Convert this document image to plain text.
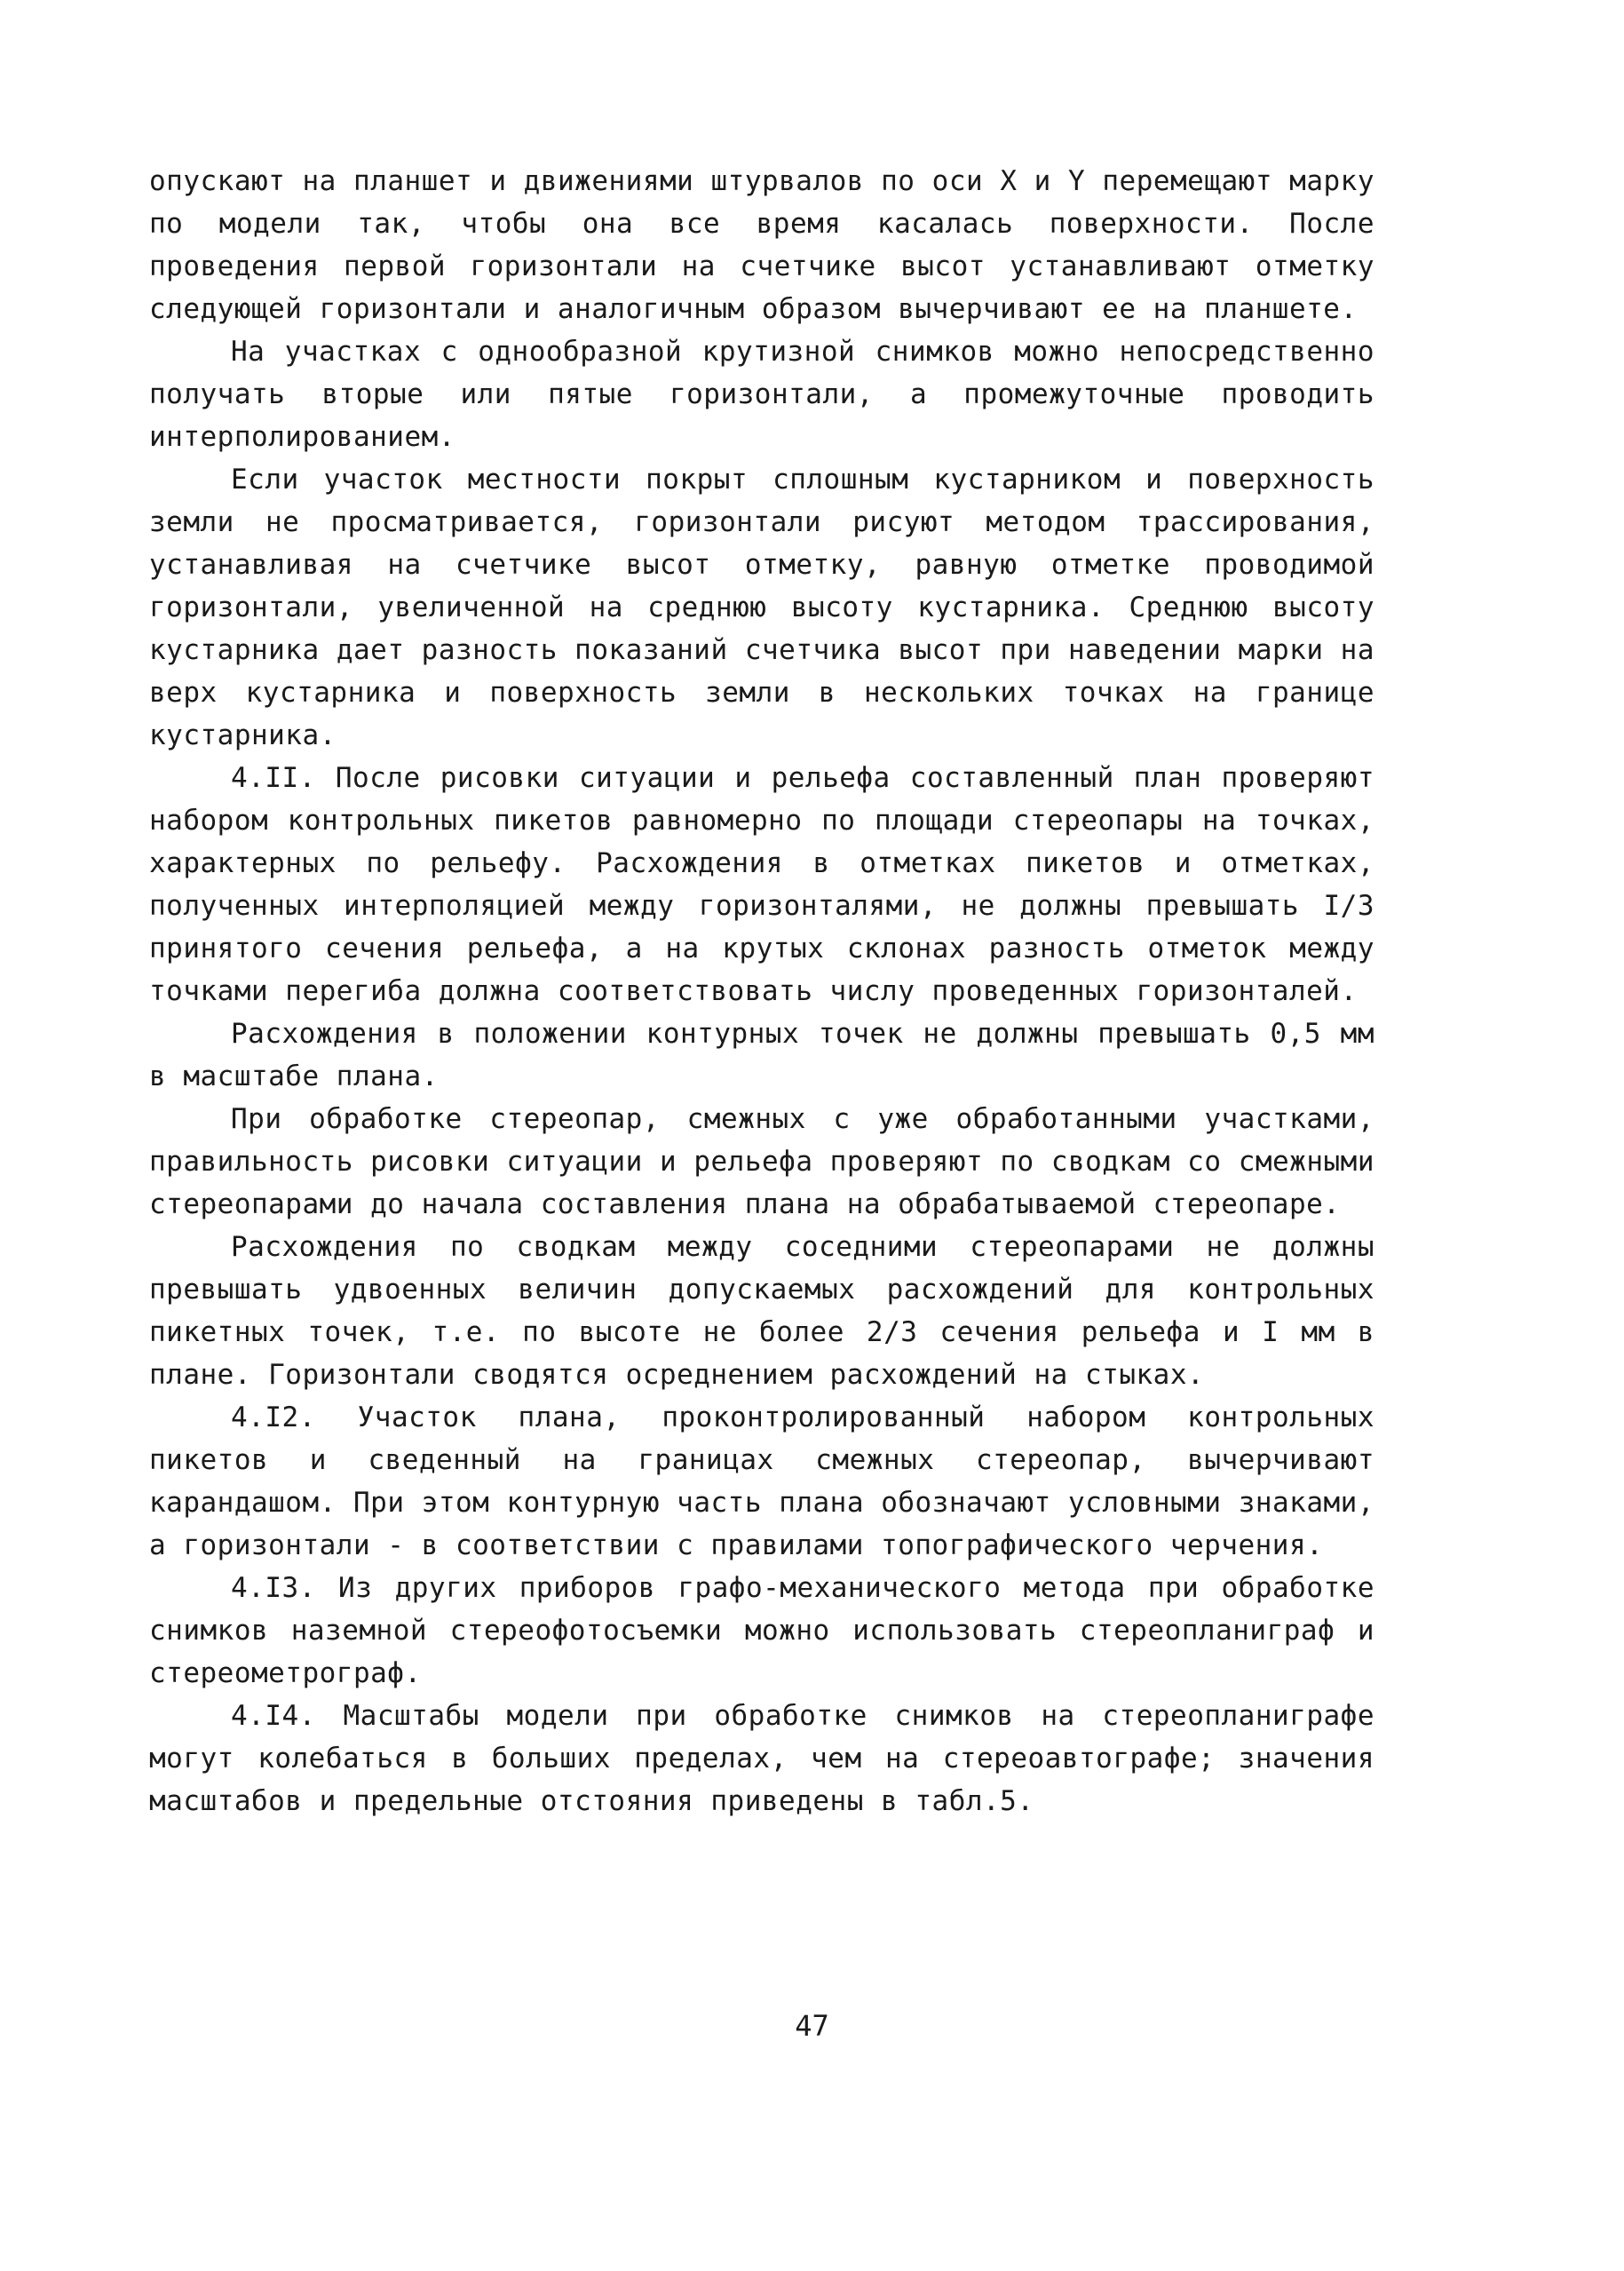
опускают на планшет и движениями штурвалов по оси X и Y перемещают марку по модели так, чтобы она все время касалась поверхности. После проведения первой горизонтали на счетчике высот устанавливают отметку следующей горизонтали и аналогичным образом вычерчивают ее на планшете.

На участках с однообразной крутизной снимков можно непосредственно получать вторые или пятые горизонтали, а промежуточные проводить интерполированием.

Если участок местности покрыт сплошным кустарником и поверхность земли не просматривается, горизонтали рисуют методом трассирования, устанавливая на счетчике высот отметку, равную отметке проводимой горизонтали, увеличенной на среднюю высоту кустарника. Среднюю высоту кустарника дает разность показаний счетчика высот при наведении марки на верх кустарника и поверхность земли в нескольких точках на границе кустарника.

4.II. После рисовки ситуации и рельефа составленный план проверяют набором контрольных пикетов равномерно по площади стереопары на точках, характерных по рельефу. Расхождения в отметках пикетов и отметках, полученных интерполяцией между горизонталями, не должны превышать I/3 принятого сечения рельефа, а на крутых склонах разность отметок между точками перегиба должна соответствовать числу проведенных горизонталей.

Расхождения в положении контурных точек не должны превышать 0,5 мм в масштабе плана.

При обработке стереопар, смежных с уже обработанными участками, правильность рисовки ситуации и рельефа проверяют по сводкам со смежными стереопарами до начала составления плана на обрабатываемой стереопаре.

Расхождения по сводкам между соседними стереопарами не должны превышать удвоенных величин допускаемых расхождений для контрольных пикетных точек, т.е. по высоте не более 2/3 сечения рельефа и I мм в плане. Горизонтали сводятся осреднением расхождений на стыках.

4.I2. Участок плана, проконтролированный набором контрольных пикетов и сведенный на границах смежных стереопар, вычерчивают карандашом. При этом контурную часть плана обозначают условными знаками, а горизонтали - в соответствии с правилами топографического черчения.

4.I3. Из других приборов графо-механического метода при обработке снимков наземной стереофотосъемки можно использовать стереопланиграф и стереометрограф.

4.I4. Масштабы модели при обработке снимков на стереопланиграфе могут колебаться в больших пределах, чем на стереоавтографе; значения масштабов и предельные отстояния приведены в табл.5.

47
